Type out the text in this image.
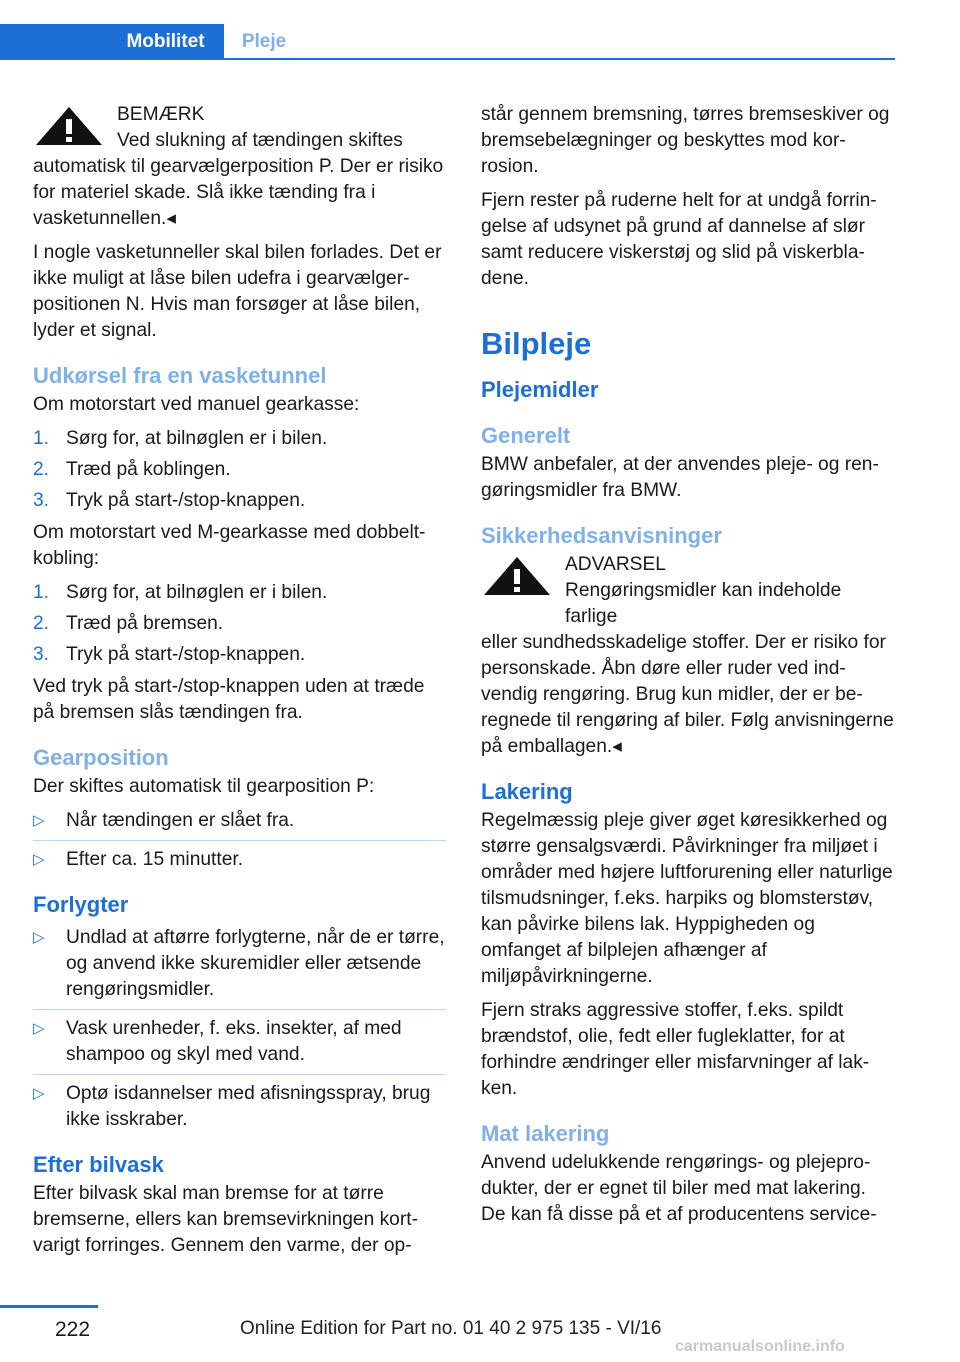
Mobilitet	Pleje
BEMÆRK
Ved slukning af tændingen skiftes
automatisk til gearvælgerposition P. Der er risiko for materiel skade. Slå ikke tænding fra i vasketunnellen.◂

I nogle vasketunneller skal bilen forlades. Det er ikke muligt at låse bilen udefra i gearvælgerpositionen N. Hvis man forsøger at låse bilen, lyder et signal.

Udkørsel fra en vasketunnel

Om motorstart ved manuel gearkasse:

1. Sørg for, at bilnøglen er i bilen.
2. Træd på koblingen.
3. Tryk på start-/stop-knappen.

Om motorstart ved M-gearkasse med dobbeltkobling:

1. Sørg for, at bilnøglen er i bilen.
2. Træd på bremsen.
3. Tryk på start-/stop-knappen.

Ved tryk på start-/stop-knappen uden at træde på bremsen slås tændingen fra.

Gearposition

Der skiftes automatisk til gearposition P:

▷ Når tændingen er slået fra.
▷ Efter ca. 15 minutter.
Forlygter
▷ Undlad at aftørre forlygterne, når de er tørre, og anvend ikke skuremidler eller ætsende rengøringsmidler.
▷ Vask urenheder, f. eks. insekter, af med shampoo og skyl med vand.
▷ Optø isdannelser med afisningsspray, brug ikke isskraber.
Efter bilvask

Efter bilvask skal man bremse for at tørre bremserne, ellers kan bremsevirkningen kortvarigt forringes. Gennem den varme, der op-

står gennem bremsning, tørres bremseskiver og bremsebelægninger og beskyttes mod korrosion.

Fjern rester på ruderne helt for at undgå forringelse af udsynet på grund af dannelse af slør samt reducere viskerstøj og slid på viskerbladene.

Bilpleje
Plejemidler
Generelt

BMW anbefaler, at der anvendes pleje- og rengøringsmidler fra BMW.

Sikkerhedsanvisninger
ADVARSEL
Rengøringsmidler kan indeholde farlige
eller sundhedsskadelige stoffer. Der er risiko for personskade. Åbn døre eller ruder ved indvendig rengøring. Brug kun midler, der er beregnede til rengøring af biler. Følg anvisningerne på emballagen.◂
Lakering

Regelmæssig pleje giver øget køresikkerhed og større gensalgsværdi. Påvirkninger fra miljøet i områder med højere luftforurening eller naturlige tilsmudsninger, f.eks. harpiks og blomsterstøv, kan påvirke bilens lak. Hyppigheden og omfanget af bilplejen afhænger af miljøpåvirkningerne.

Fjern straks aggressive stoffer, f.eks. spildt brændstof, olie, fedt eller fugleklatter, for at forhindre ændringer eller misfarvninger af lakken.

Mat lakering

Anvend udelukkende rengørings- og plejeprodukter, der er egnet til biler med mat lakering. De kan få disse på et af producentens service-

222	Online Edition for Part no. 01 40 2 975 135 - VI/16
carmanualsonline.info
